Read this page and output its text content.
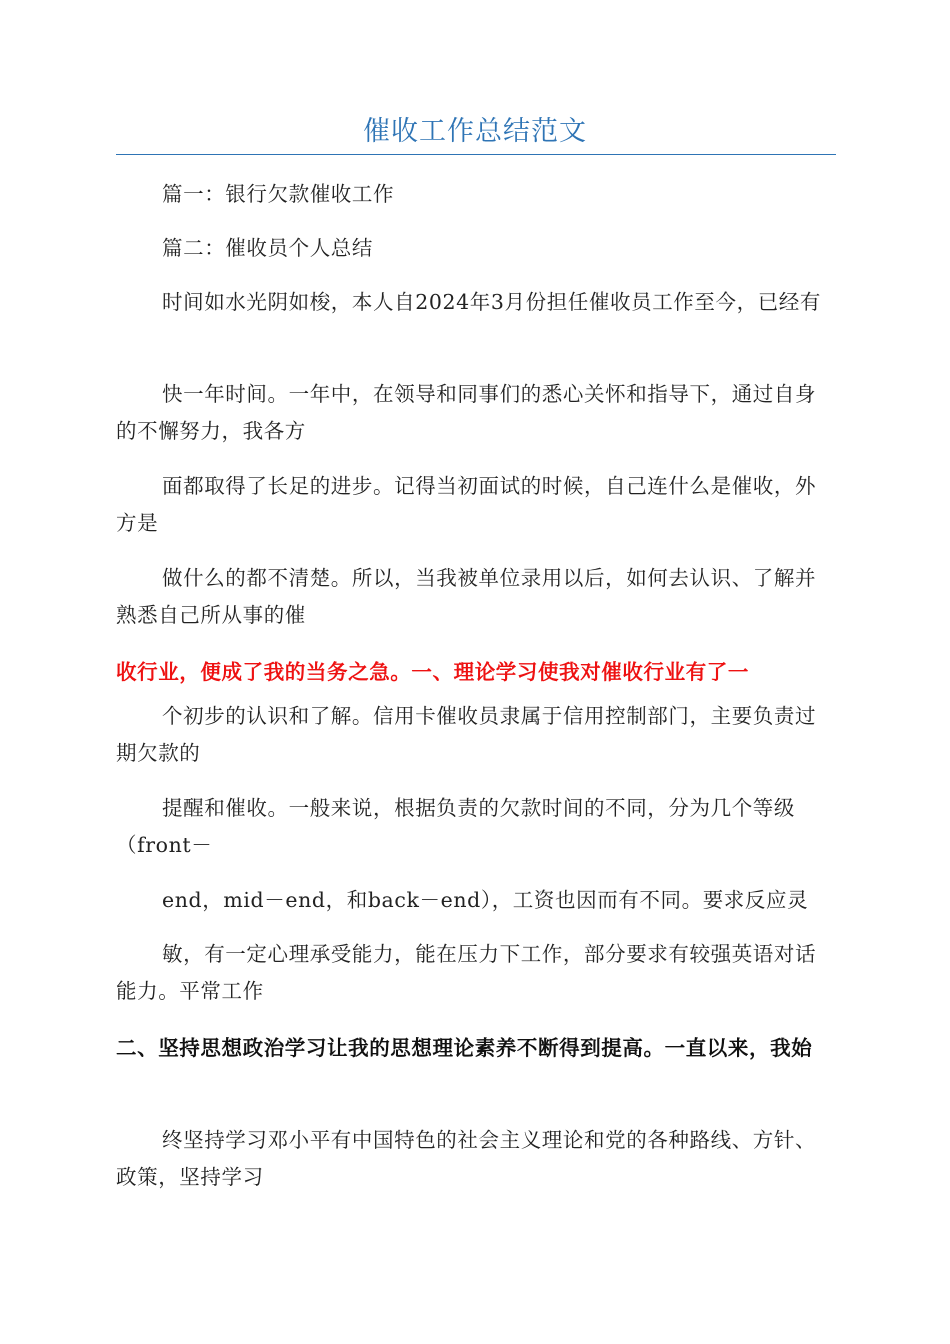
催收工作总结范文

篇一：银行欠款催收工作

篇二：催收员个人总结

时间如水光阴如梭，本人自2024年3月份担任催收员工作至今，已经有

快一年时间。一年中，在领导和同事们的悉心关怀和指导下，通过自身的不懈努力，我各方

面都取得了长足的进步。记得当初面试的时候，自己连什么是催收，外方是

做什么的都不清楚。所以，当我被单位录用以后，如何去认识、了解并熟悉自己所从事的催

收行业，便成了我的当务之急。一、理论学习使我对催收行业有了一

个初步的认识和了解。信用卡催收员隶属于信用控制部门，主要负责过期欠款的

提醒和催收。一般来说，根据负责的欠款时间的不同，分为几个等级（front－

end，mid－end，和back－end），工资也因而有不同。要求反应灵

敏，有一定心理承受能力，能在压力下工作，部分要求有较强英语对话能力。平常工作

二、坚持思想政治学习让我的思想理论素养不断得到提高。一直以来，我始

终坚持学习邓小平有中国特色的社会主义理论和党的各种路线、方针、政策，坚持学习
